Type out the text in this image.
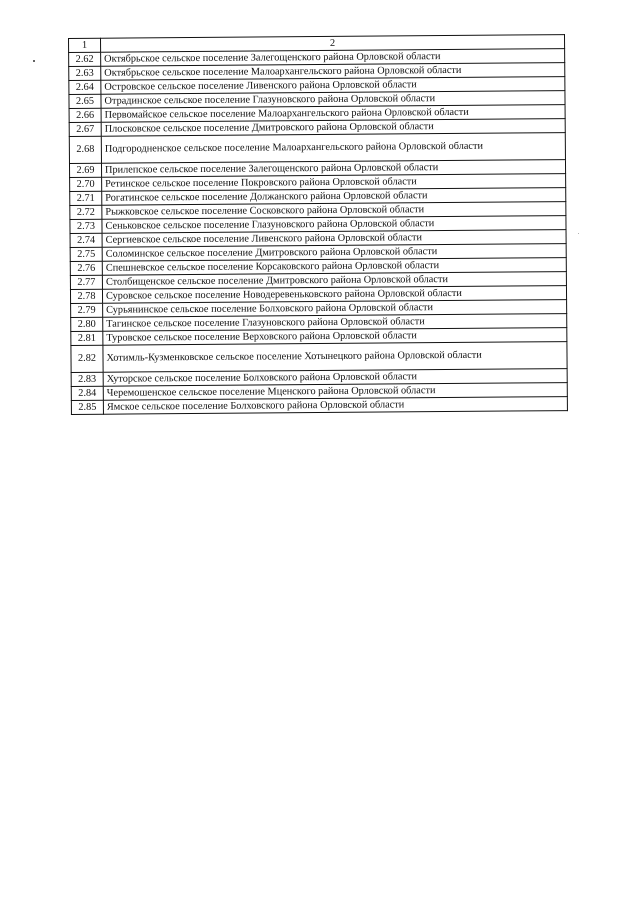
1	2
2.62	Октябрьское сельское поселение Залегощенского района Орловской области
2.63	Октябрьское сельское поселение Малоархангельского района Орловской области
2.64	Островское сельское поселение Ливенского района Орловской области
2.65	Отрадинское сельское поселение Глазуновского района Орловской области
2.66	Первомайское сельское поселение Малоархангельского района Орловской области
2.67	Плосковское сельское поселение Дмитровского района Орловской области
2.68	Подгородненское сельское поселение Малоархангельского района Орловской области
2.69	Прилепское сельское поселение Залегощенского района Орловской области
2.70	Ретинское сельское поселение Покровского района Орловской области
2.71	Рогатинское сельское поселение Должанского района Орловской области
2.72	Рыжковское сельское поселение Сосковского района Орловской области
2.73	Сеньковское сельское поселение Глазуновского района Орловской области
2.74	Сергиевское сельское поселение Ливенского района Орловской области
2.75	Соломинское сельское поселение Дмитровского района Орловской области
2.76	Спешневское сельское поселение Корсаковского района Орловской области
2.77	Столбищенское сельское поселение Дмитровского района Орловской области
2.78	Суровское сельское поселение Новодеревеньковского района Орловской области
2.79	Сурьянинское сельское поселение Болховского района Орловской области
2.80	Тагинское сельское поселение Глазуновского района Орловской области
2.81	Туровское сельское поселение Верховского района Орловской области
2.82	Хотимль-Кузменковское сельское поселение Хотынецкого района Орловской области
2.83	Хуторское сельское поселение Болховского района Орловской области
2.84	Черемошенское сельское поселение Мценского района Орловской области
2.85	Ямское сельское поселение Болховского района Орловской области
